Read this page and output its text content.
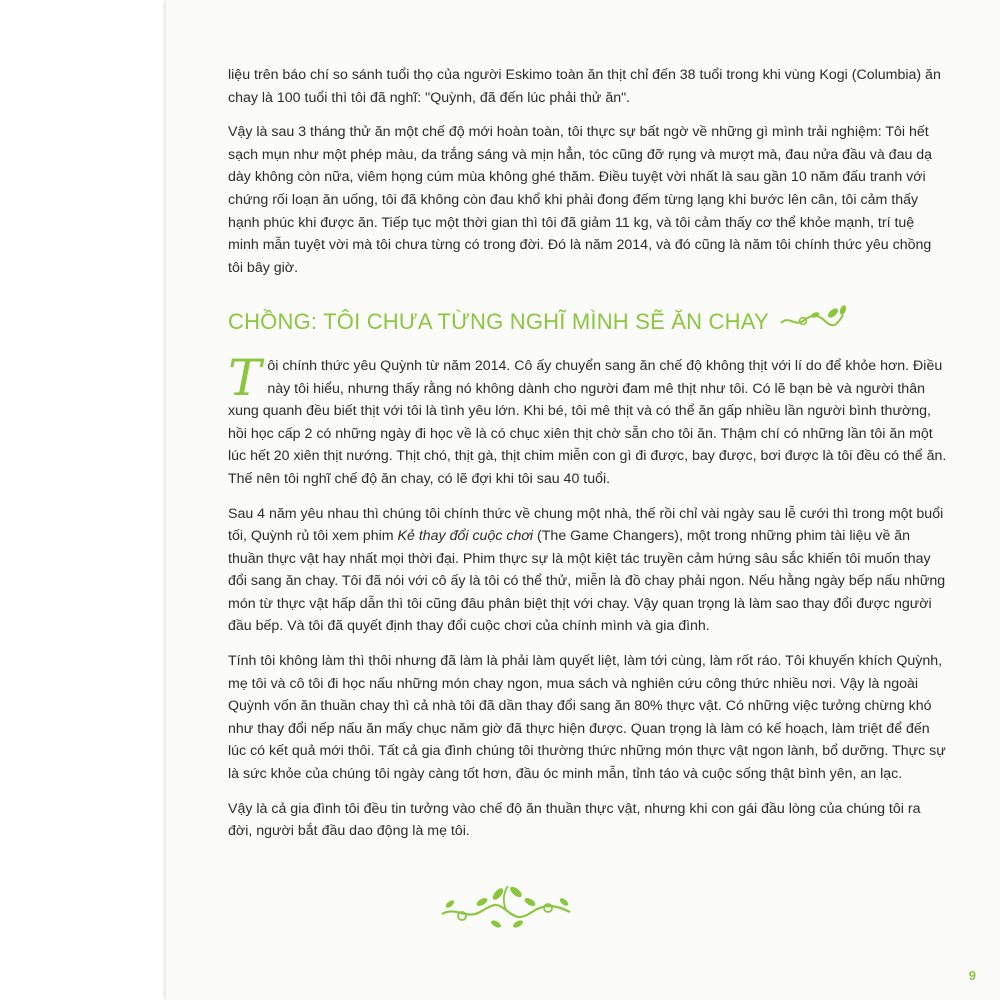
liệu trên báo chí so sánh tuổi thọ của người Eskimo toàn ăn thịt chỉ đến 38 tuổi trong khi vùng Kogi (Columbia) ăn chay là 100 tuổi thì tôi đã nghĩ: "Quỳnh, đã đến lúc phải thử ăn".

Vậy là sau 3 tháng thử ăn một chế độ mới hoàn toàn, tôi thực sự bất ngờ về những gì mình trải nghiệm: Tôi hết sạch mụn như một phép màu, da trắng sáng và mịn hẳn, tóc cũng đỡ rụng và mượt mà, đau nửa đầu và đau dạ dày không còn nữa, viêm họng cúm mùa không ghé thăm. Điều tuyệt vời nhất là sau gần 10 năm đấu tranh với chứng rối loạn ăn uống, tôi đã không còn đau khổ khi phải đong đếm từng lạng khi bước lên cân, tôi cảm thấy hạnh phúc khi được ăn. Tiếp tục một thời gian thì tôi đã giảm 11 kg, và tôi cảm thấy cơ thể khỏe mạnh, trí tuệ minh mẫn tuyệt vời mà tôi chưa từng có trong đời. Đó là năm 2014, và đó cũng là năm tôi chính thức yêu chồng tôi bây giờ.

CHỒNG: TÔI CHƯA TỪNG NGHĨ MÌNH SẼ ĂN CHAY

Tôi chính thức yêu Quỳnh từ năm 2014. Cô ấy chuyển sang ăn chế độ không thịt với lí do để khỏe hơn. Điều này tôi hiểu, nhưng thấy rằng nó không dành cho người đam mê thịt như tôi. Có lẽ bạn bè và người thân xung quanh đều biết thịt với tôi là tình yêu lớn. Khi bé, tôi mê thịt và có thể ăn gấp nhiều lần người bình thường, hồi học cấp 2 có những ngày đi học về là có chục xiên thịt chờ sẵn cho tôi ăn. Thậm chí có những lần tôi ăn một lúc hết 20 xiên thịt nướng. Thịt chó, thịt gà, thịt chim miễn con gì đi được, bay được, bơi được là tôi đều có thể ăn. Thế nên tôi nghĩ chế độ ăn chay, có lẽ đợi khi tôi sau 40 tuổi.

Sau 4 năm yêu nhau thì chúng tôi chính thức về chung một nhà, thế rồi chỉ vài ngày sau lễ cưới thì trong một buổi tối, Quỳnh rủ tôi xem phim Kẻ thay đổi cuộc chơi (The Game Changers), một trong những phim tài liệu về ăn thuần thực vật hay nhất mọi thời đại. Phim thực sự là một kiệt tác truyền cảm hứng sâu sắc khiến tôi muốn thay đổi sang ăn chay. Tôi đã nói với cô ấy là tôi có thể thử, miễn là đồ chay phải ngon. Nếu hằng ngày bếp nấu những món từ thực vật hấp dẫn thì tôi cũng đâu phân biệt thịt với chay. Vậy quan trọng là làm sao thay đổi được người đầu bếp. Và tôi đã quyết định thay đổi cuộc chơi của chính mình và gia đình.

Tính tôi không làm thì thôi nhưng đã làm là phải làm quyết liệt, làm tới cùng, làm rốt ráo. Tôi khuyến khích Quỳnh, mẹ tôi và cô tôi đi học nấu những món chay ngon, mua sách và nghiên cứu công thức nhiều nơi. Vậy là ngoài Quỳnh vốn ăn thuần chay thì cả nhà tôi đã dần thay đổi sang ăn 80% thực vật. Có những việc tưởng chừng khó như thay đổi nếp nấu ăn mấy chục năm giờ đã thực hiện được. Quan trọng là làm có kế hoạch, làm triệt để đến lúc có kết quả mới thôi. Tất cả gia đình chúng tôi thường thức những món thực vật ngon lành, bổ dưỡng. Thực sự là sức khỏe của chúng tôi ngày càng tốt hơn, đầu óc minh mẫn, tỉnh táo và cuộc sống thật bình yên, an lạc.

Vậy là cả gia đình tôi đều tin tưởng vào chế độ ăn thuần thực vật, nhưng khi con gái đầu lòng của chúng tôi ra đời, người bắt đầu dao động là mẹ tôi.

9
